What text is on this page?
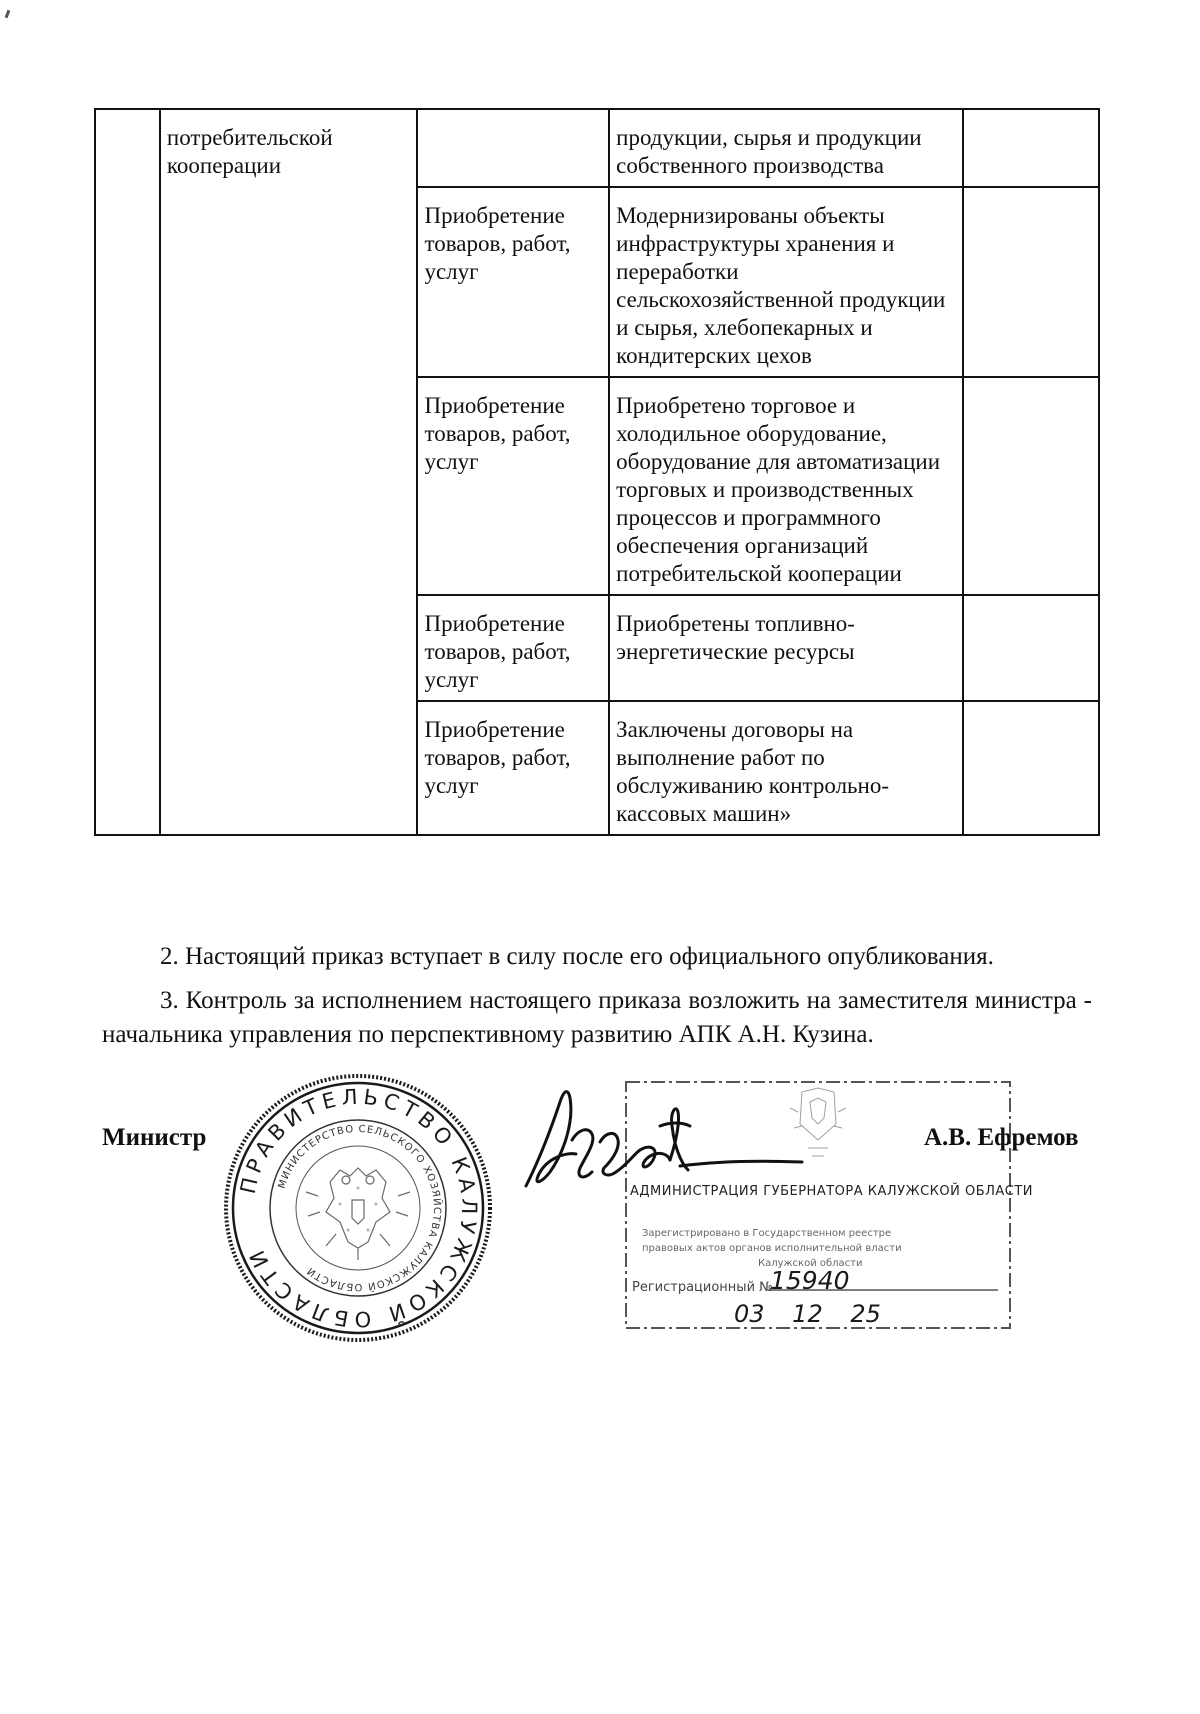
	потребительской кооперации		продукции, сырья и продукции собственного производства	

		Приобретение товаров, работ, услуг	Модернизированы объекты инфраструктуры хранения и переработки сельскохозяйственной продукции и сырья, хлебопекарных и кондитерских цехов	

		Приобретение товаров, работ, услуг	Приобретено торговое и холодильное оборудование, оборудование для автоматизации торговых и производственных процессов и программного обеспечения организаций потребительской кооперации	

		Приобретение товаров, работ, услуг	Приобретены топливно-энергетические ресурсы	

		Приобретение товаров, работ, услуг	Заключены договоры на выполнение работ по обслуживанию контрольно-кассовых машин»	

2. Настоящий приказ вступает в силу после его официального опубликования.

3. Контроль за исполнением настоящего приказа возложить на заместителя министра - начальника управления по перспективному развитию АПК А.Н. Кузина.

Министр
ПРАВИТЕЛЬСТВО КАЛУЖСКОЙ ОБЛАСТИ
МИНИСТЕРСТВО СЕЛЬСКОГО ХОЗЯЙСТВА КАЛУЖСКОЙ ОБЛАСТИ
АДМИНИСТРАЦИЯ ГУБЕРНАТОРА КАЛУЖСКОЙ ОБЛАСТИ
Зарегистрировано в Государственном реестре
правовых актов органов исполнительной власти
Калужской области
Регистрационный №
15940
03 12 25
А.В. Ефремов
